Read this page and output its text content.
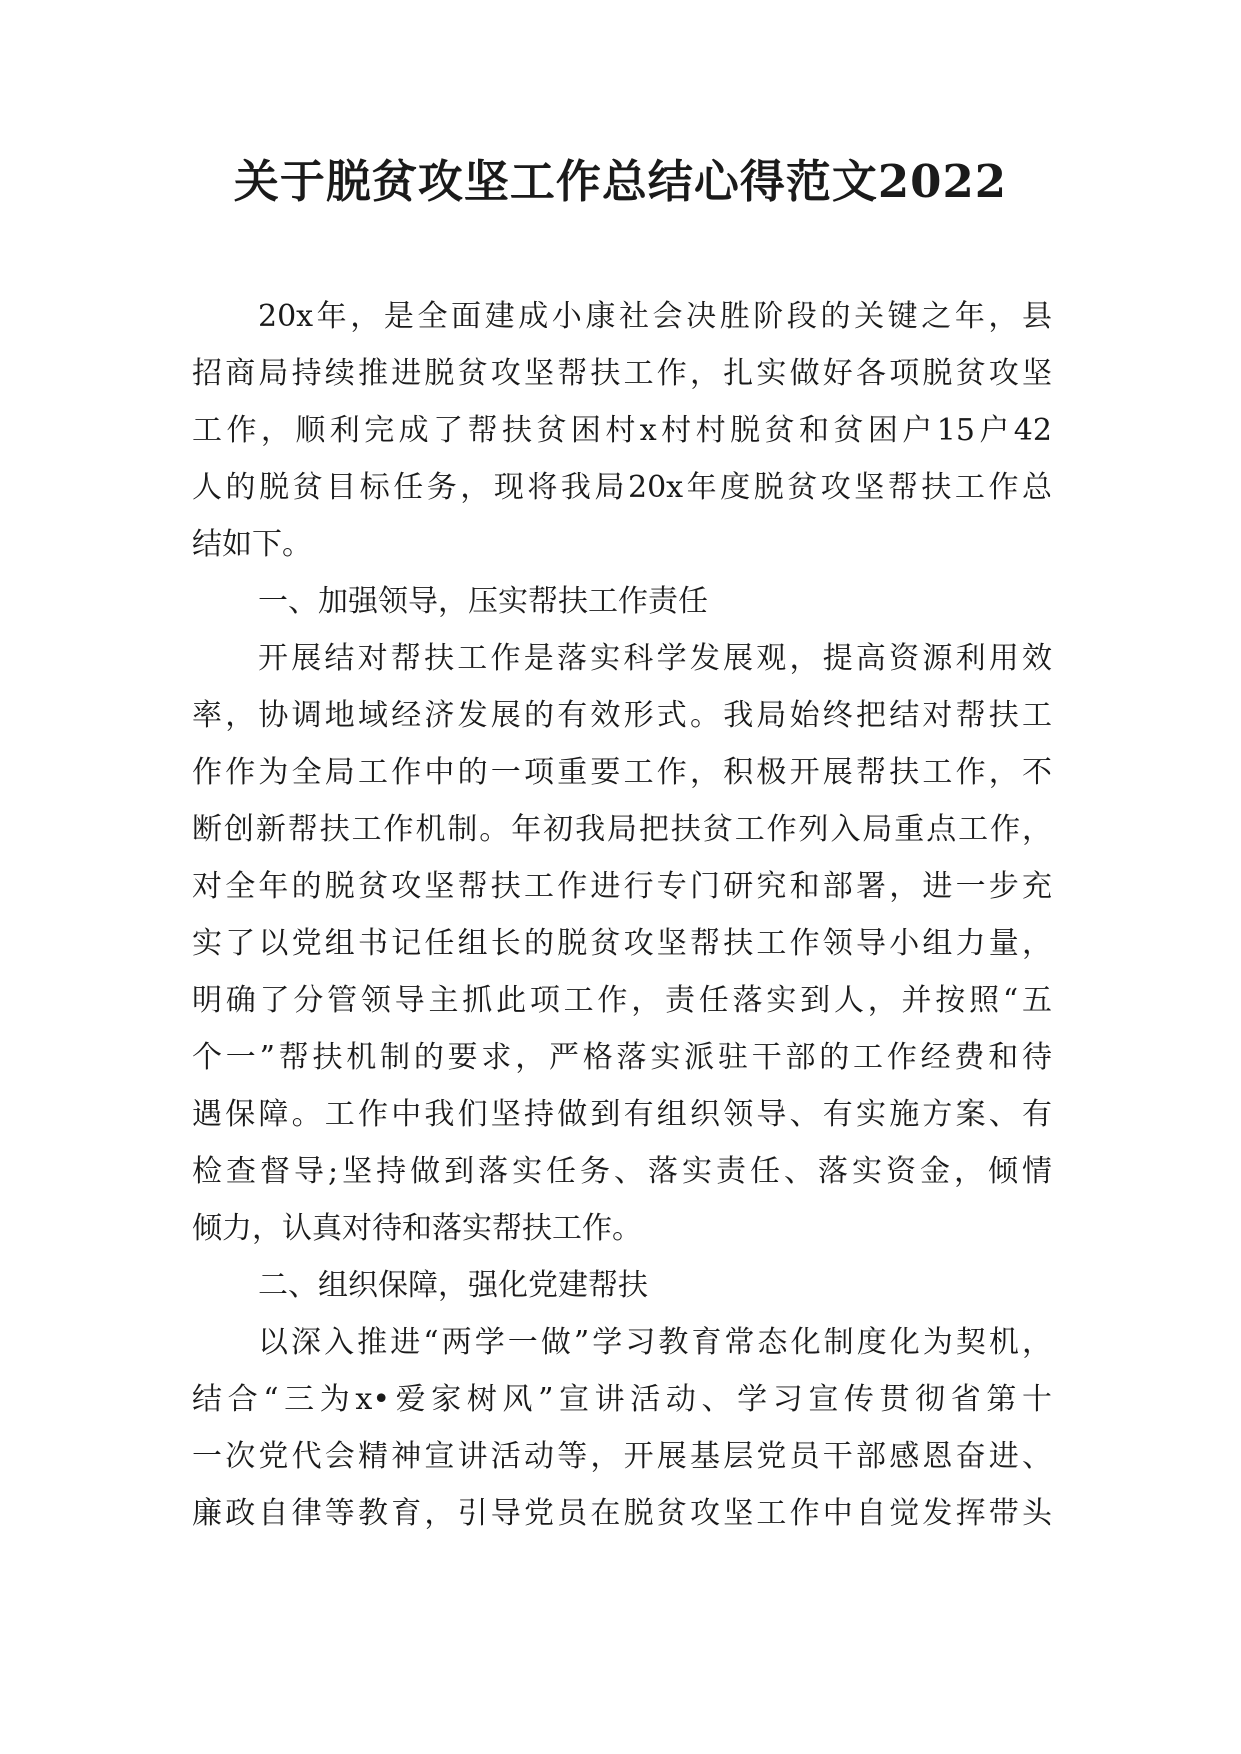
关于脱贫攻坚工作总结心得范文2022
20x年，是全面建成小康社会决胜阶段的关键之年，县
招商局持续推进脱贫攻坚帮扶工作，扎实做好各项脱贫攻坚
工作，顺利完成了帮扶贫困村x村村脱贫和贫困户15户42
人的脱贫目标任务，现将我局20x年度脱贫攻坚帮扶工作总
结如下。
一、加强领导，压实帮扶工作责任
开展结对帮扶工作是落实科学发展观，提高资源利用效
率，协调地域经济发展的有效形式。我局始终把结对帮扶工
作作为全局工作中的一项重要工作，积极开展帮扶工作，不
断创新帮扶工作机制。年初我局把扶贫工作列入局重点工作，
对全年的脱贫攻坚帮扶工作进行专门研究和部署，进一步充
实了以党组书记任组长的脱贫攻坚帮扶工作领导小组力量，
明确了分管领导主抓此项工作，责任落实到人，并按照“五
个一”帮扶机制的要求，严格落实派驻干部的工作经费和待
遇保障。工作中我们坚持做到有组织领导、有实施方案、有
检查督导;坚持做到落实任务、落实责任、落实资金，倾情
倾力，认真对待和落实帮扶工作。
二、组织保障，强化党建帮扶
以深入推进“两学一做”学习教育常态化制度化为契机，
结合“三为x•爱家树风”宣讲活动、学习宣传贯彻省第十
一次党代会精神宣讲活动等，开展基层党员干部感恩奋进、
廉政自律等教育，引导党员在脱贫攻坚工作中自觉发挥带头
